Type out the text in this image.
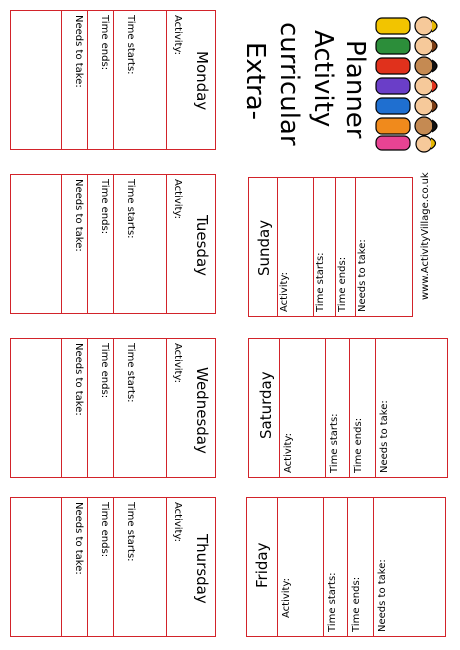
Monday
Activity:
Time starts:
Time ends:
Needs to take:
Tuesday
Activity:
Time starts:
Time ends:
Needs to take:
Wednesday
Activity:
Time starts:
Time ends:
Needs to take:
Thursday
Activity:
Time starts:
Time ends:
Needs to take:
Extra- curricular Activity Planner
Sunday
Activity:	Time starts: Time ends: Needs to take:	www.ActivityVillage.co.uk
Saturday
Activity:	Time starts: Time ends: Needs to take:
Friday
Activity:	Time starts: Time ends: Needs to take:
